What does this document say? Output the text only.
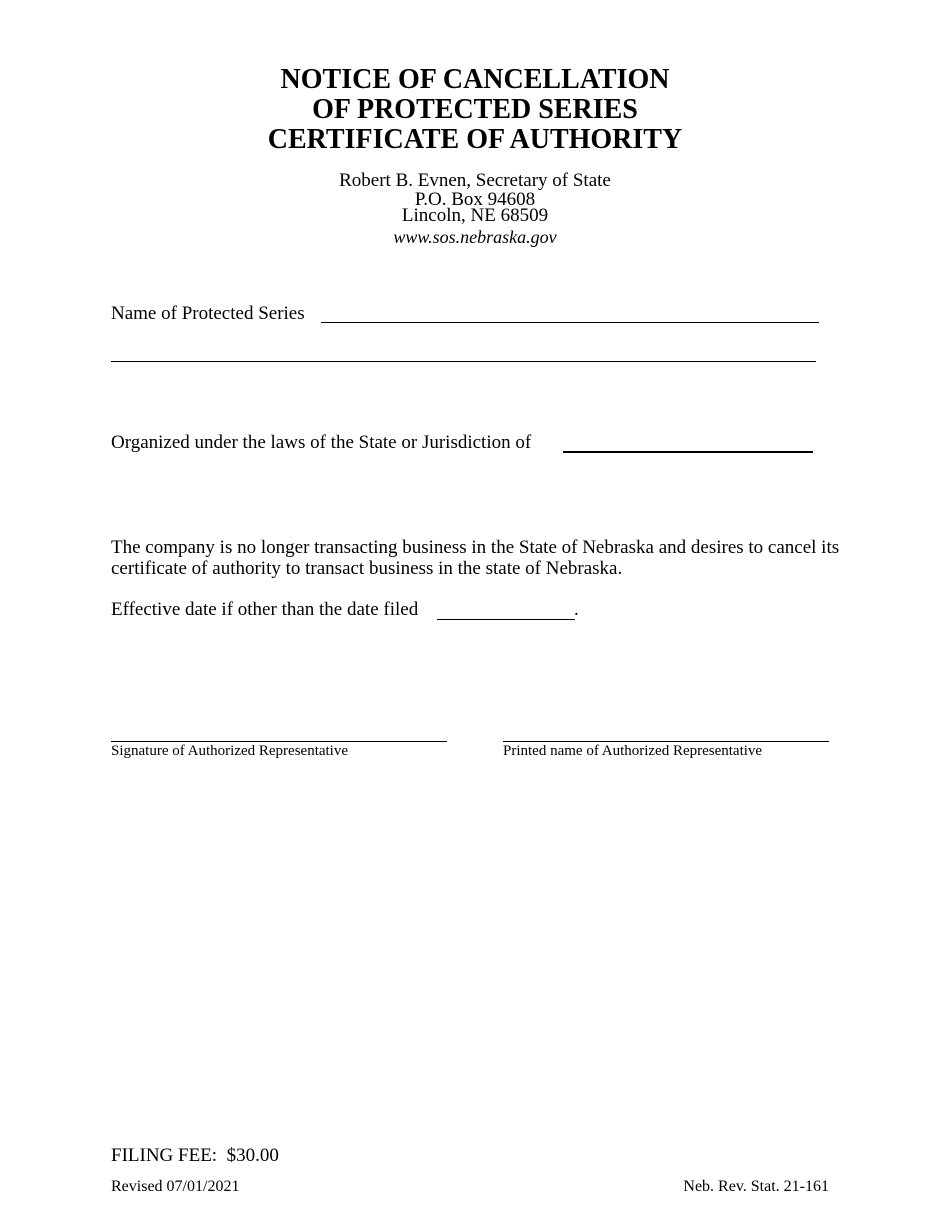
NOTICE OF CANCELLATION
OF PROTECTED SERIES
CERTIFICATE OF AUTHORITY
Robert B. Evnen, Secretary of State
P.O. Box 94608
Lincoln, NE 68509
www.sos.nebraska.gov
Name of Protected Series
Organized under the laws of the State or Jurisdiction of
The company is no longer transacting business in the State of Nebraska and desires to cancel its certificate of authority to transact business in the state of Nebraska.
Effective date if other than the date filed	.
Signature of Authorized Representative	Printed name of Authorized Representative
FILING FEE:  $30.00
Revised 07/01/2021	Neb. Rev. Stat. 21-161
